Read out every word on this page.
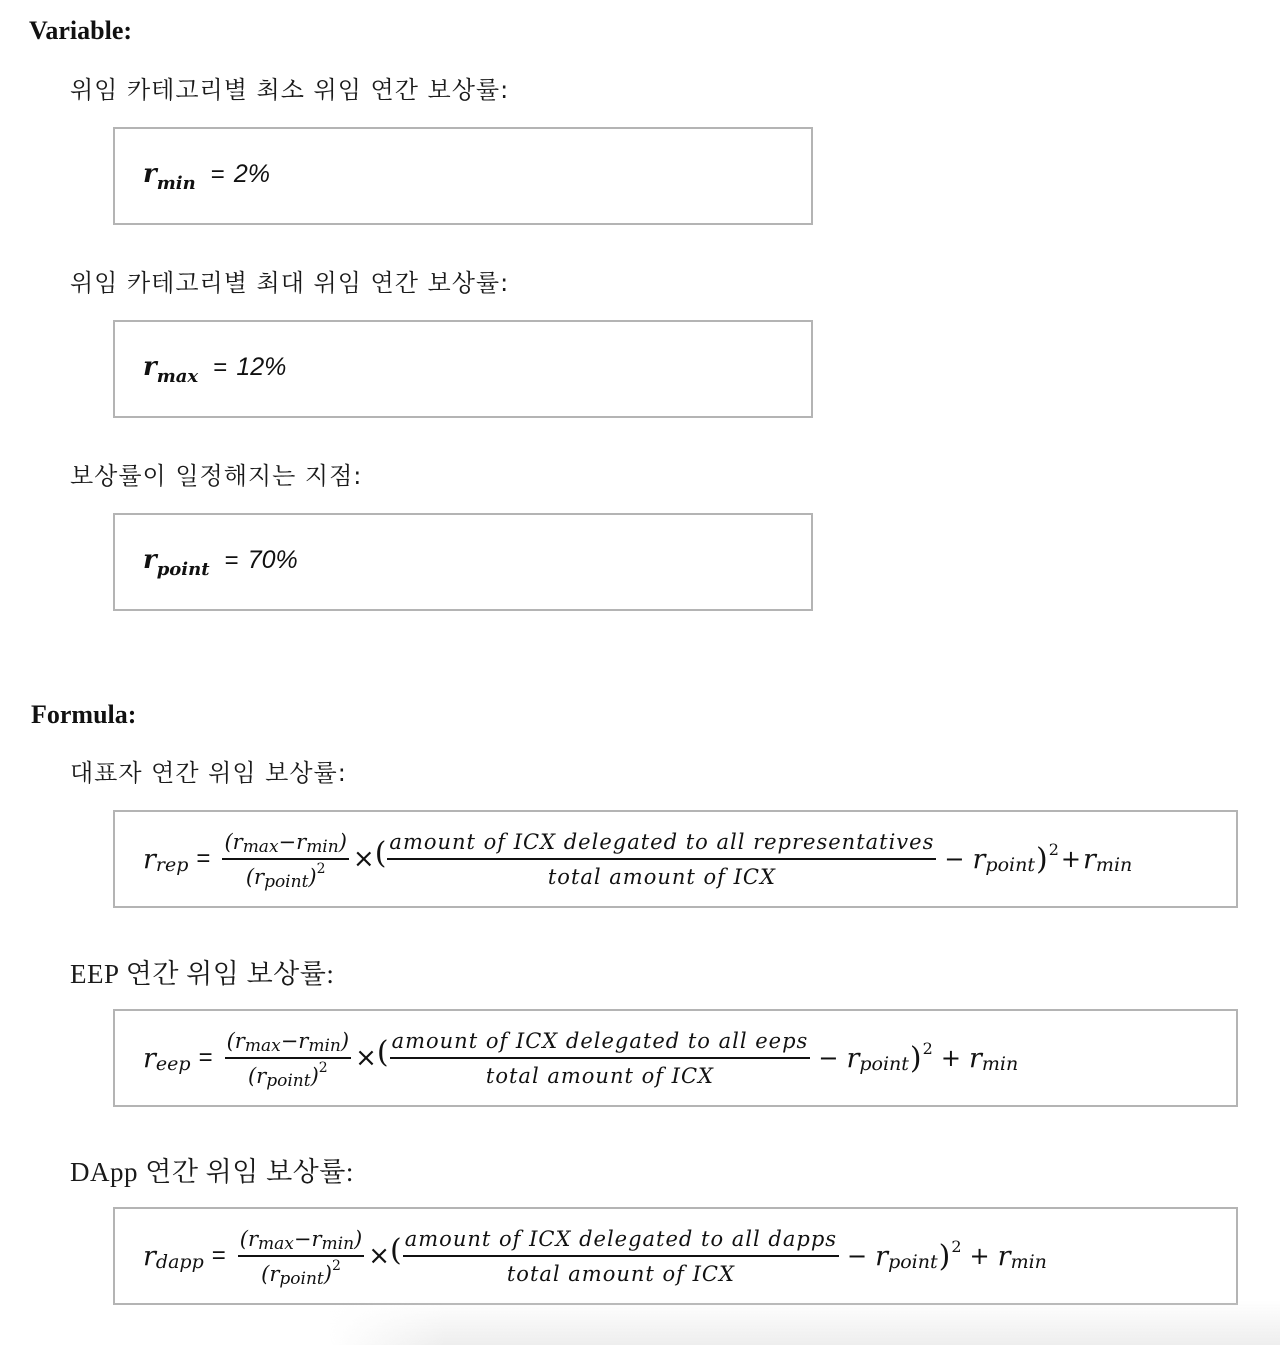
Variable:
위임 카테고리별 최소 위임 연간 보상률:
rmin = 2%
위임 카테고리별 최대 위임 연간 보상률:
rmax = 12%
보상률이 일정해지는 지점:
rpoint = 70%
Formula:
대표자 연간 위임 보상률:
$r_{rep} = \frac{( r_{max} - r_{min} )}{( r_{point} )^2}$ × ( $\frac{\text{amount of ICX delegated to all representatives}}{\text{total amount of ICX}} - r_{point}$ )$^2 + r_{min}$
EEP 연간 위임 보상률:
$r_{eep} = \frac{( r_{max} - r_{min} )}{( r_{point} )^2}$ × ( $\frac{\text{amount of ICX delegated to all eeps}}{\text{total amount of ICX}} - r_{point}$ )$^2 + r_{min}$
DApp 연간 위임 보상률:
$r_{dapp} = \frac{( r_{max} - r_{min} )}{( r_{point} )^2}$ × ( $\frac{\text{amount of ICX delegated to all dapps}}{\text{total amount of ICX}} - r_{point}$ )$^2 + r_{min}$
